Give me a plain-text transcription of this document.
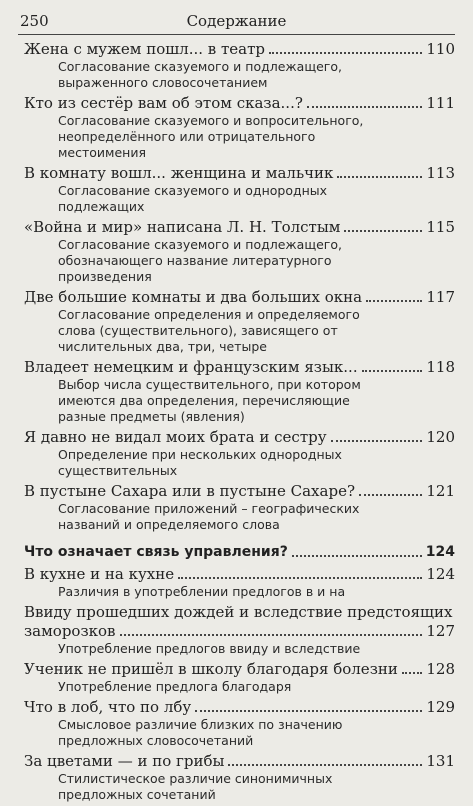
250	Содержание
Жена с мужем пошл... в театр	110
Согласование сказуемого и подлежащего, выраженного словосочетанием
Кто из сестёр вам об этом сказа...?	111
Согласование сказуемого и вопросительного, неопределённого или отрицательного местоимения
В комнату вошл... женщина и мальчик	113
Согласование сказуемого и однородных подлежащих
«Война и мир» написана Л. Н. Толстым	115
Согласование сказуемого и подлежащего, обозначающего название литературного произведения
Две большие комнаты и два больших окна	117
Согласование определения и определяемого слова (существительного), зависящего от числительных два, три, четыре
Владеет немецким и французским язык...	118
Выбор числа существительного, при котором имеются два определения, перечисляющие разные предметы (явления)
Я давно не видал моих брата и сестру	120
Определение при нескольких однородных существительных
В пустыне Сахара или в пустыне Сахаре?	121
Согласование приложений – географических названий и определяемого слова
Что означает связь управления?	124
В кухне и на кухне	124
Различия в употреблении предлогов в и на
Ввиду прошедших дождей и вследствие предстоящих
заморозков	127
Употребление предлогов ввиду и вследствие
Ученик не пришёл в школу благодаря болезни 128
Употребление предлога благодаря
Что в лоб, что по лбу	129
Смысловое различие близких по значению предложных словосочетаний
За цветами — и по грибы	131
Стилистическое различие синонимичных предложных сочетаний
